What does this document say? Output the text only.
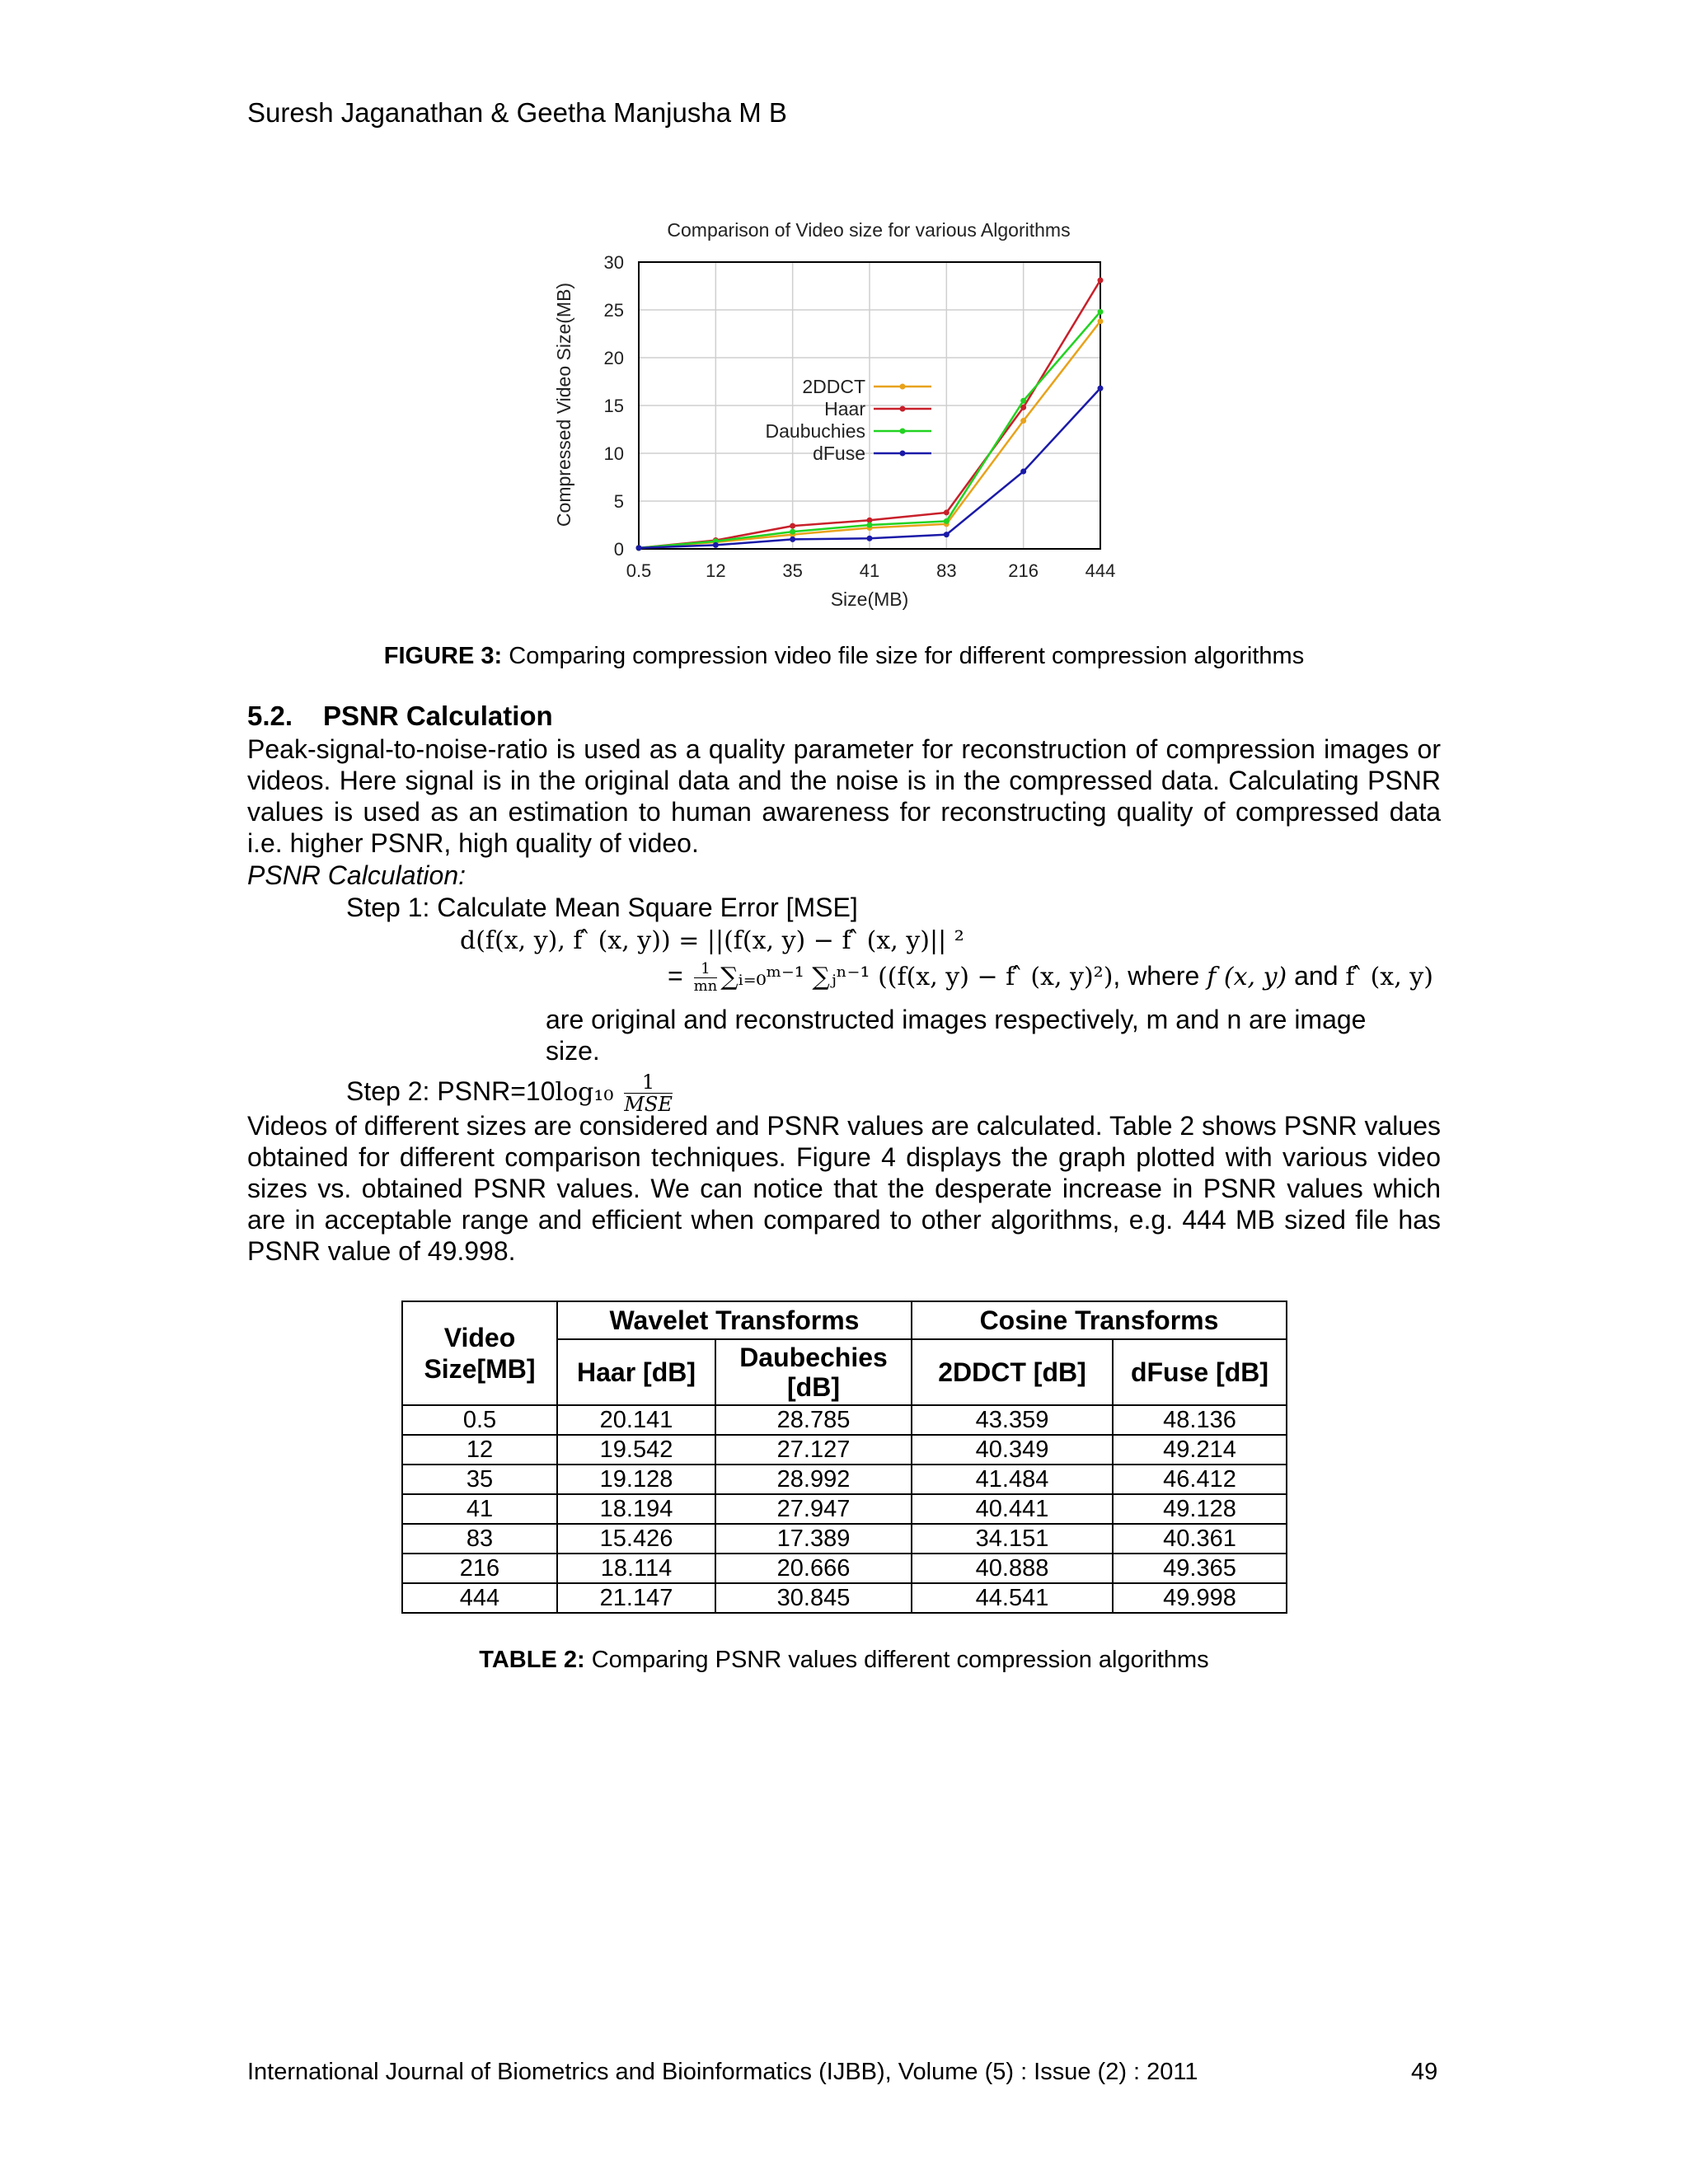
Suresh Jaganathan & Geetha Manjusha M B
Comparison of Video size for various Algorithms
Compressed Video Size(MB)
Size(MB)
0
5
10
15
20
25
30
0.5	12	35	41	83	216	444
2DDCT
Haar
Daubuchies
dFuse
FIGURE 3: Comparing compression video file size for different compression algorithms
5.2. PSNR Calculation
Peak-signal-to-noise-ratio is used as a quality parameter for reconstruction of compression images or videos. Here signal is in the original data and the noise is in the compressed data. Calculating PSNR values is used as an estimation to human awareness for reconstructing quality of compressed data i.e. higher PSNR, high quality of video.
PSNR Calculation:
Step 1: Calculate Mean Square Error [MSE]
d(f(x, y), f ̂ (x, y)) = ||(f(x, y) − f ̂ (x, y)|| ²
= $\frac{1}{mn}$ ∑ᵢ₌₀ᵐ⁻¹ ∑ⱼⁿ⁻¹ ((f(x, y) − f ̂ (x, y)²), where f (x, y) and f ̂ (x, y)
are original and reconstructed images respectively, m and n are image size.
Step 2: PSNR=10log₁₀ $\frac{1}{\text{MSE}}$
Videos of different sizes are considered and PSNR values are calculated. Table 2 shows PSNR values obtained for different comparison techniques. Figure 4 displays the graph plotted with various video sizes vs. obtained PSNR values. We can notice that the desperate increase in PSNR values which are in acceptable range and efficient when compared to other algorithms, e.g. 444 MB sized file has PSNR value of 49.998.
Video Size[MB]	Wavelet Transforms		Cosine Transforms	
	Haar [dB]	Daubechies [dB]	2DDCT [dB]	dFuse [dB]
0.5	20.141	28.785	43.359	48.136
12	19.542	27.127	40.349	49.214
35	19.128	28.992	41.484	46.412
41	18.194	27.947	40.441	49.128
83	15.426	17.389	34.151	40.361
216	18.114	20.666	40.888	49.365
444	21.147	30.845	44.541	49.998
TABLE 2: Comparing PSNR values different compression algorithms
International Journal of Biometrics and Bioinformatics (IJBB), Volume (5) : Issue (2) : 2011	49
